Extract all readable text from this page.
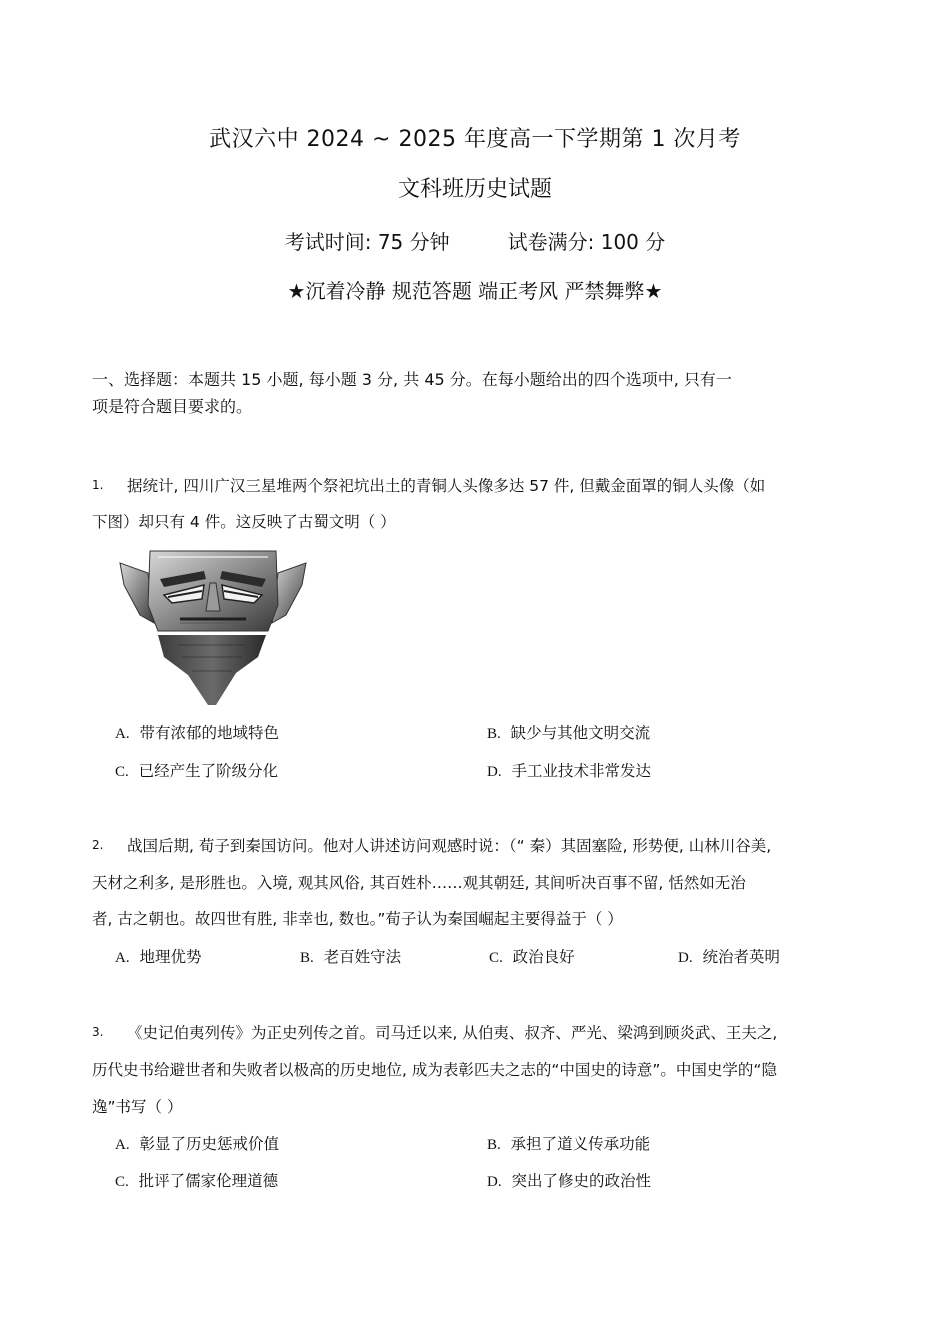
武汉六中 2024 ~ 2025 年度高一下学期第 1 次月考
文科班历史试题
考试时间: 75 分钟	试卷满分: 100 分
★沉着冷静 规范答题 端正考风 严禁舞弊★
一、选择题：本题共 15 小题, 每小题 3 分, 共 45 分。在每小题给出的四个选项中, 只有一
项是符合题目要求的。
1. 据统计, 四川广汉三星堆两个祭祀坑出土的青铜人头像多达 57 件, 但戴金面罩的铜人头像（如
下图）却只有 4 件。这反映了古蜀文明（ ）
A. 带有浓郁的地域特色	B. 缺少与其他文明交流
C. 已经产生了阶级分化	D. 手工业技术非常发达
2. 战国后期, 荀子到秦国访问。他对人讲述访问观感时说：（“ 秦）其固塞险, 形势便, 山林川谷美,
天材之利多, 是形胜也。入境, 观其风俗, 其百姓朴……观其朝廷, 其间听决百事不留, 恬然如无治
者, 古之朝也。故四世有胜, 非幸也, 数也。”荀子认为秦国崛起主要得益于（ ）
A. 地理优势	B. 老百姓守法	C. 政治良好	D. 统治者英明
3. 《史记伯夷列传》为正史列传之首。司马迁以来, 从伯夷、叔齐、严光、梁鸿到顾炎武、王夫之,
历代史书给避世者和失败者以极高的历史地位, 成为表彰匹夫之志的“中国史的诗意”。中国史学的“隐
逸”书写（ ）
A. 彰显了历史惩戒价值	B. 承担了道义传承功能
C. 批评了儒家伦理道德	D. 突出了修史的政治性
